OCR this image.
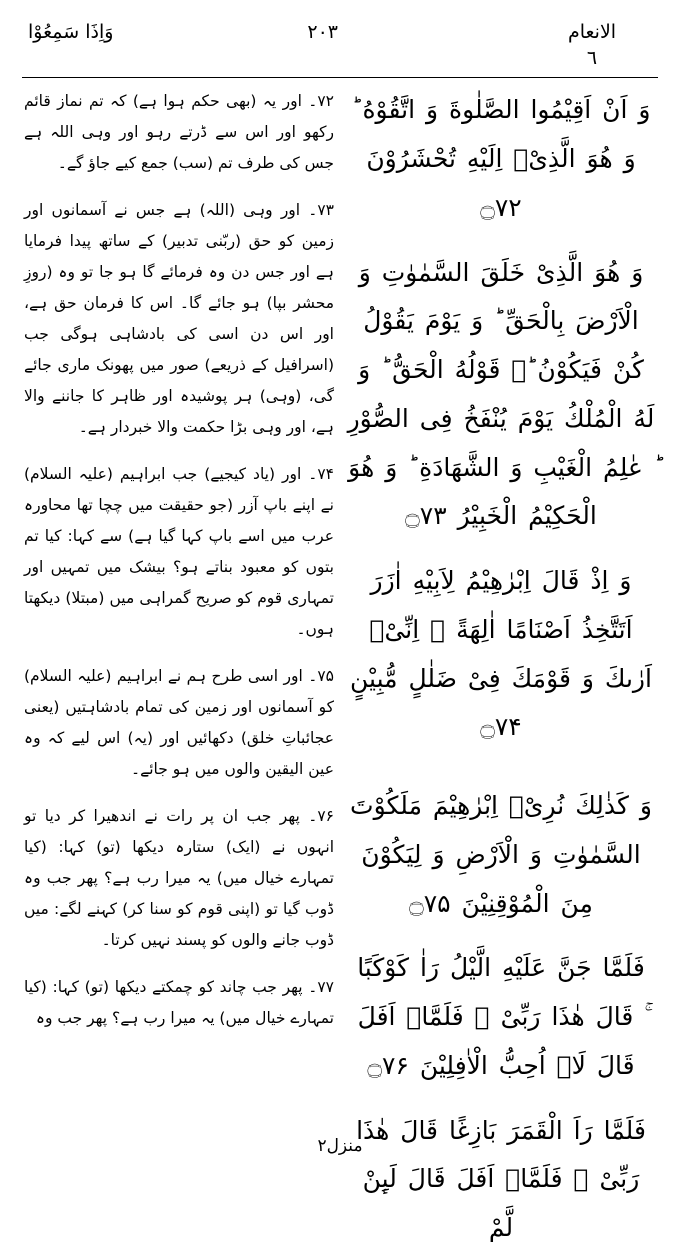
الانعام
٦
۲۰۳
وَاِذَا سَمِعُوْا

وَ اَنْ اَقِیْمُوا الصَّلٰوةَ وَ اتَّقُوْهُ ؕ وَ هُوَ الَّذِیْۤ اِلَیْهِ تُحْشَرُوْنَ ۝۷۲

وَ هُوَ الَّذِیْ خَلَقَ السَّمٰوٰتِ وَ الْاَرْضَ بِالْحَقِّ ؕ وَ یَوْمَ یَقُوْلُ كُنْ فَیَكُوْنُ ؕ۬ قَوْلُهُ الْحَقُّ ؕ وَ لَهُ الْمُلْكُ یَوْمَ یُنْفَخُ فِی الصُّوْرِ ؕ عٰلِمُ الْغَیْبِ وَ الشَّهَادَةِ ؕ وَ هُوَ الْحَكِیْمُ الْخَبِیْرُ ۝۷۳

وَ اِذْ قَالَ اِبْرٰهِیْمُ لِاَبِیْهِ اٰزَرَ اَتَتَّخِذُ اَصْنَامًا اٰلِهَةً ۚ اِنِّیْۤ اَرٰىكَ وَ قَوْمَكَ فِیْ ضَلٰلٍ مُّبِیْنٍ ۝۷۴

وَ كَذٰلِكَ نُرِیْۤ اِبْرٰهِیْمَ مَلَكُوْتَ السَّمٰوٰتِ وَ الْاَرْضِ وَ لِیَكُوْنَ مِنَ الْمُوْقِنِیْنَ ۝۷۵

فَلَمَّا جَنَّ عَلَیْهِ الَّیْلُ رَاٰ كَوْكَبًا ۚ قَالَ هٰذَا رَبِّیْ ۚ فَلَمَّاۤ اَفَلَ قَالَ لَاۤ اُحِبُّ الْاٰفِلِیْنَ ۝۷۶

فَلَمَّا رَاَ الْقَمَرَ بَازِغًا قَالَ هٰذَا رَبِّیْ ۚ فَلَمَّاۤ اَفَلَ قَالَ لَىِٕنْ لَّمْ

۷۲۔ اور یہ (بھی حکم ہوا ہے) کہ تم نماز قائم رکھو اور اس سے ڈرتے رہو اور وہی اللہ ہے جس کی طرف تم (سب) جمع کیے جاؤ گے۔

۷۳۔ اور وہی (اللہ) ہے جس نے آسمانوں اور زمین کو حق (ربّنی تدبیر) کے ساتھ پیدا فرمایا ہے اور جس دن وہ فرمائے گا ہو جا تو وہ (روزِ محشر بپا) ہو جائے گا۔ اس کا فرمان حق ہے، اور اس دن اسی کی بادشاہی ہوگی جب (اسرافیل کے ذریعے) صور میں پھونک ماری جائے گی، (وہی) ہر پوشیدہ اور ظاہر کا جاننے والا ہے، اور وہی بڑا حکمت والا خبردار ہے۔

۷۴۔ اور (یاد کیجیے) جب ابراہیم (علیہ السلام) نے اپنے باپ آزر (جو حقیقت میں چچا تھا محاورہ عرب میں اسے باپ کہا گیا ہے) سے کہا: کیا تم بتوں کو معبود بناتے ہو؟ بیشک میں تمہیں اور تمہاری قوم کو صریح گمراہی میں (مبتلا) دیکھتا ہوں۔

۷۵۔ اور اسی طرح ہم نے ابراہیم (علیہ السلام) کو آسمانوں اور زمین کی تمام بادشاہتیں (یعنی عجائباتِ خلق) دکھائیں اور (یہ) اس لیے کہ وہ عین الیقین والوں میں ہو جائے۔

۷۶۔ پھر جب ان پر رات نے اندھیرا کر دیا تو انہوں نے (ایک) ستارہ دیکھا (تو) کہا: (کیا تمہارے خیال میں) یہ میرا رب ہے؟ پھر جب وہ ڈوب گیا تو (اپنی قوم کو سنا کر) کہنے لگے: میں ڈوب جانے والوں کو پسند نہیں کرتا۔

۷۷۔ پھر جب چاند کو چمکتے دیکھا (تو) کہا: (کیا تمہارے خیال میں) یہ میرا رب ہے؟ پھر جب وہ

منزل۲
